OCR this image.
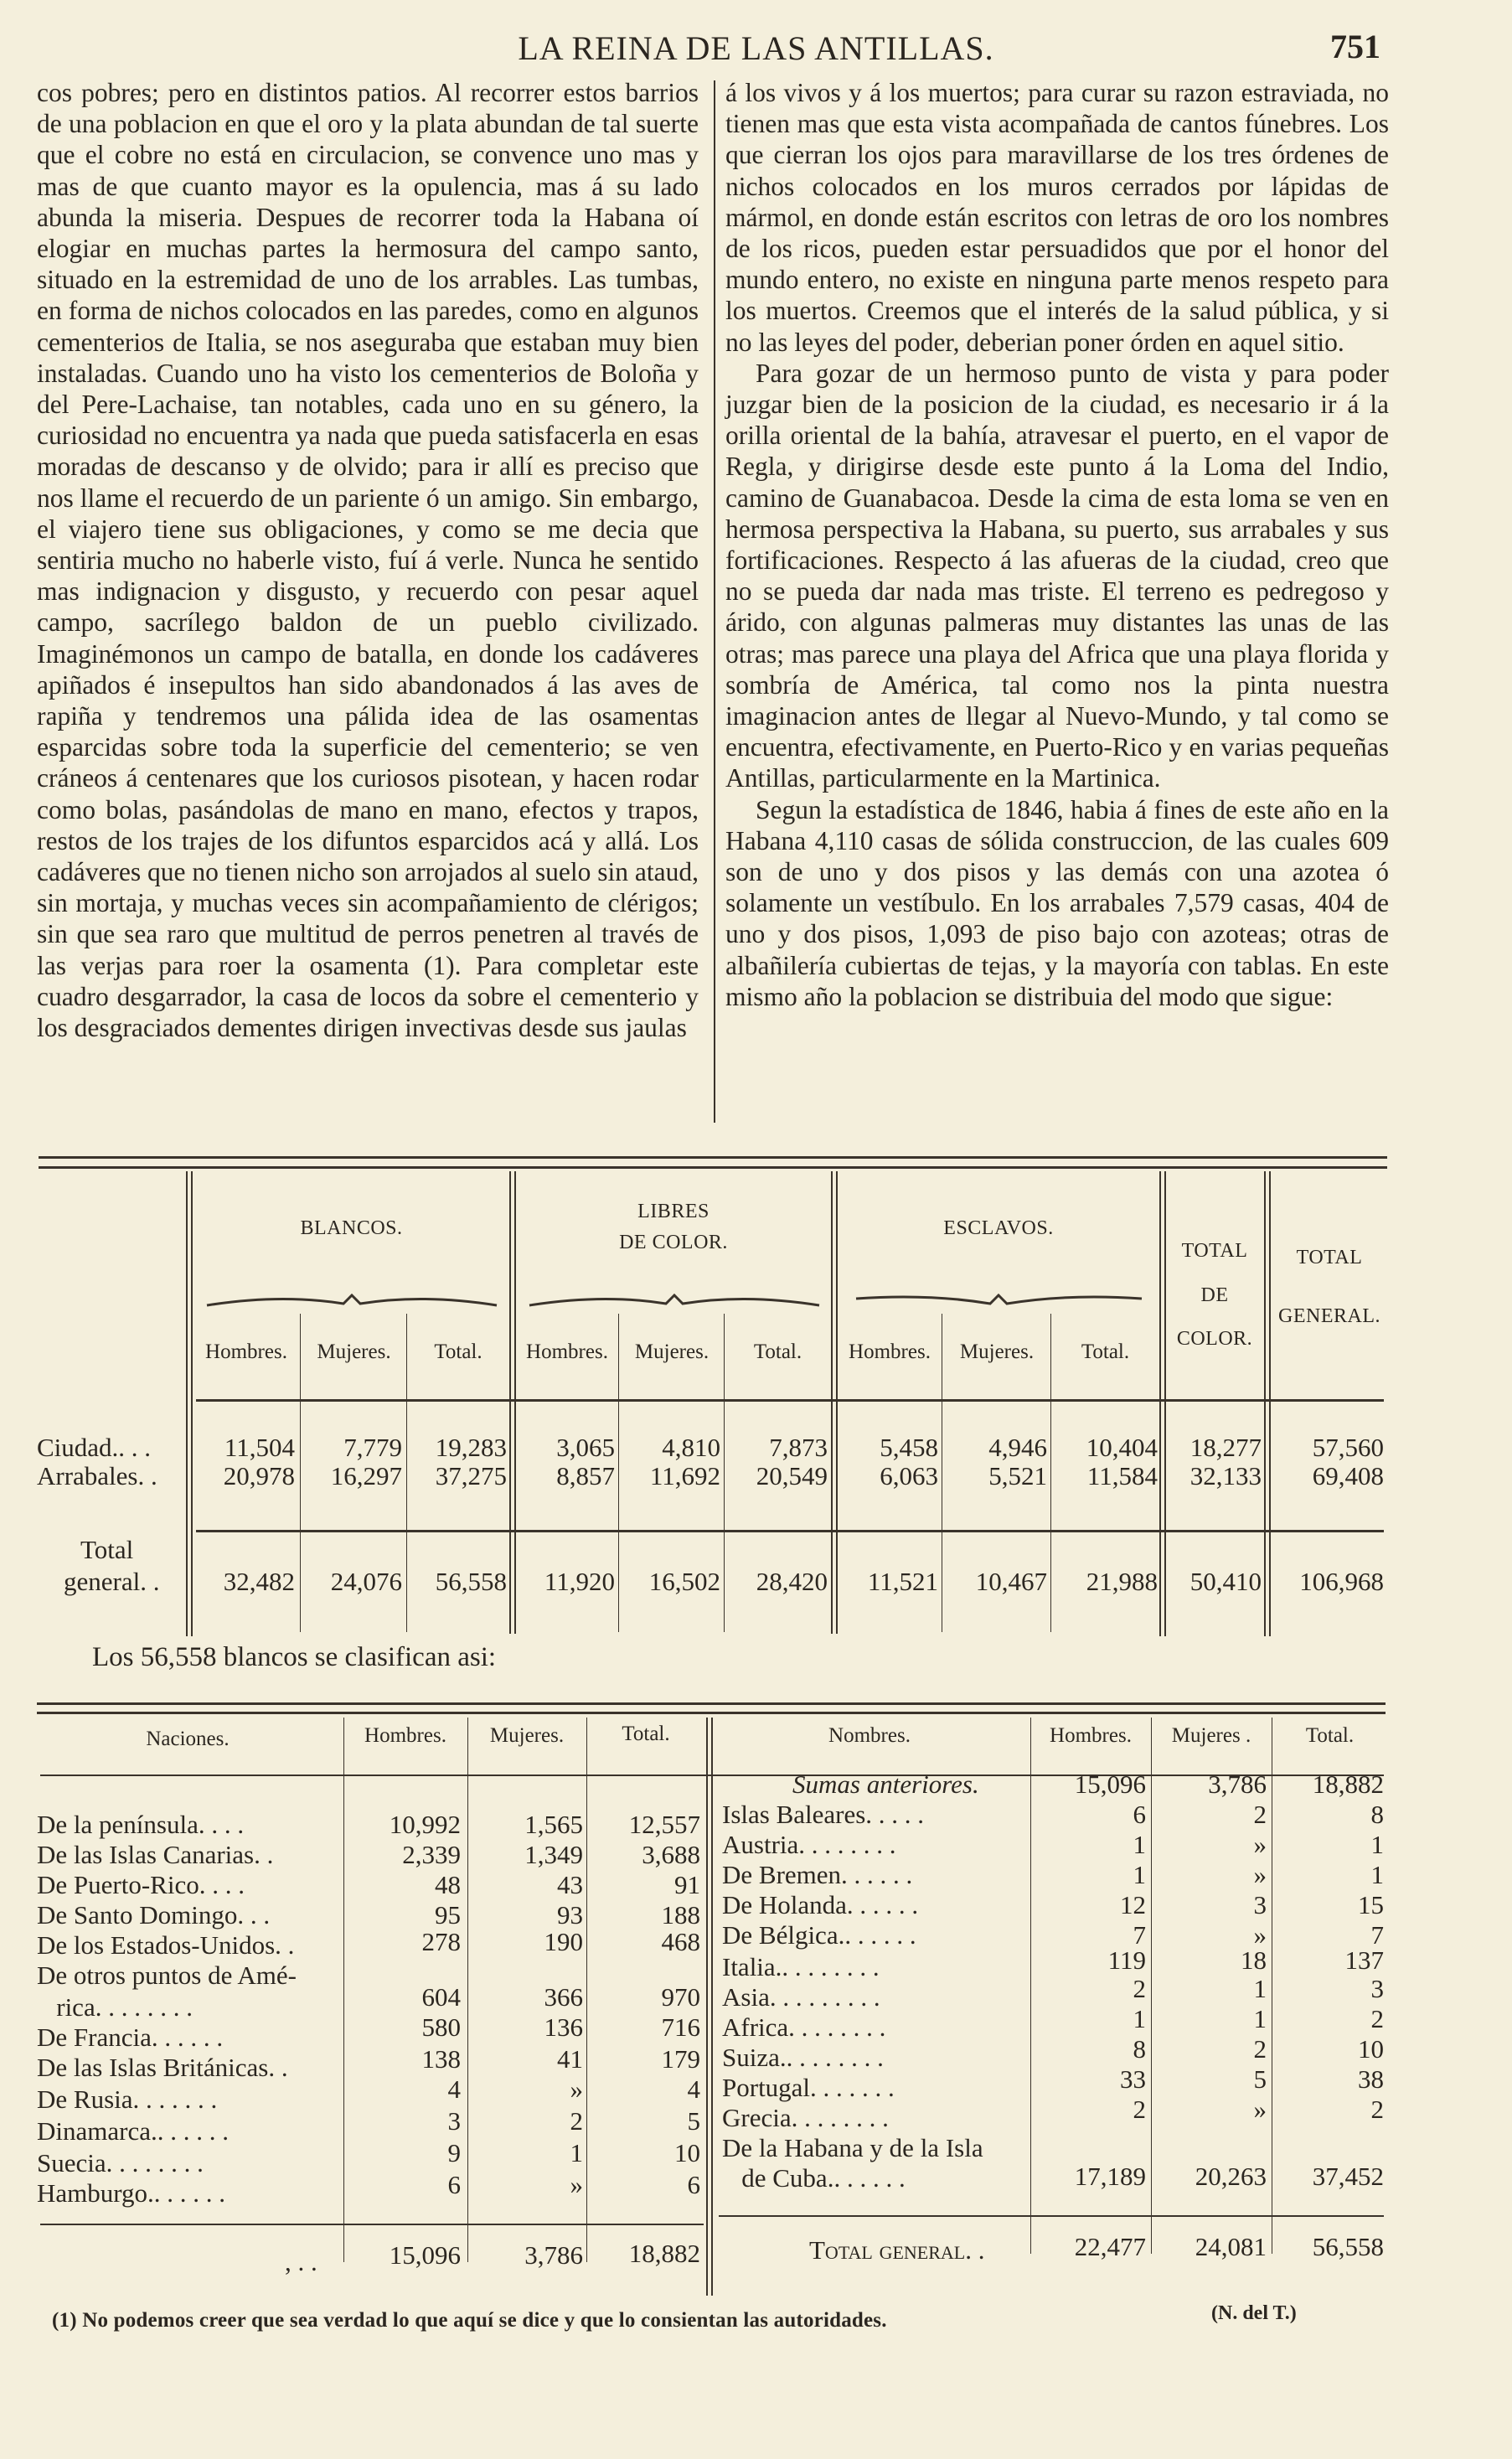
LA REINA DE LAS ANTILLAS.	751

cos pobres; pero en distintos patios. Al recorrer estos barrios de una poblacion en que el oro y la plata abundan de tal suerte que el cobre no está en circulacion, se convence uno mas y mas de que cuanto mayor es la opulencia, mas á su lado abunda la miseria. Despues de recorrer toda la Habana oí elogiar en muchas partes la hermosura del campo santo, situado en la estremidad de uno de los arrables. Las tumbas, en forma de nichos colocados en las paredes, como en algunos cementerios de Italia, se nos aseguraba que estaban muy bien instaladas. Cuando uno ha visto los cementerios de Boloña y del Pere-Lachaise, tan notables, cada uno en su género, la curiosidad no encuentra ya nada que pueda satisfacerla en esas moradas de descanso y de olvido; para ir allí es preciso que nos llame el recuerdo de un pariente ó un amigo. Sin embargo, el viajero tiene sus obligaciones, y como se me decia que sentiria mucho no haberle visto, fuí á verle. Nunca he sentido mas indignacion y disgusto, y recuerdo con pesar aquel campo, sacrílego baldon de un pueblo civilizado. Imaginémonos un campo de batalla, en donde los cadáveres apiñados é insepultos han sido abandonados á las aves de rapiña y tendremos una pálida idea de las osamentas esparcidas sobre toda la superficie del cementerio; se ven cráneos á centenares que los curiosos pisotean, y hacen rodar como bolas, pasándolas de mano en mano, efectos y trapos, restos de los trajes de los difuntos esparcidos acá y allá. Los cadáveres que no tienen nicho son arrojados al suelo sin ataud, sin mortaja, y muchas veces sin acompañamiento de clérigos; sin que sea raro que multitud de perros penetren al través de las verjas para roer la osamenta (1). Para completar este cuadro desgarrador, la casa de locos da sobre el cementerio y los desgraciados dementes dirigen invectivas desde sus jaulas

á los vivos y á los muertos; para curar su razon estraviada, no tienen mas que esta vista acompañada de cantos fúnebres. Los que cierran los ojos para maravillarse de los tres órdenes de nichos colocados en los muros cerrados por lápidas de mármol, en donde están escritos con letras de oro los nombres de los ricos, pueden estar persuadidos que por el honor del mundo entero, no existe en ninguna parte menos respeto para los muertos. Creemos que el interés de la salud pública, y si no las leyes del poder, deberian poner órden en aquel sitio.

Para gozar de un hermoso punto de vista y para poder juzgar bien de la posicion de la ciudad, es necesario ir á la orilla oriental de la bahía, atravesar el puerto, en el vapor de Regla, y dirigirse desde este punto á la Loma del Indio, camino de Guanabacoa. Desde la cima de esta loma se ven en hermosa perspectiva la Habana, su puerto, sus arrabales y sus fortificaciones. Respecto á las afueras de la ciudad, creo que no se pueda dar nada mas triste. El terreno es pedregoso y árido, con algunas palmeras muy distantes las unas de las otras; mas parece una playa del Africa que una playa florida y sombría de América, tal como nos la pinta nuestra imaginacion antes de llegar al Nuevo-Mundo, y tal como se encuentra, efectivamente, en Puerto-Rico y en varias pequeñas Antillas, particularmente en la Martinica.

Segun la estadística de 1846, habia á fines de este año en la Habana 4,110 casas de sólida construccion, de las cuales 609 son de uno y dos pisos y las demás con una azotea ó solamente un vestíbulo. En los arrabales 7,579 casas, 404 de uno y dos pisos, 1,093 de piso bajo con azoteas; otras de albañilería cubiertas de tejas, y la mayoría con tablas. En este mismo año la poblacion se distribuia del modo que sigue:

BLANCOS.
LIBRES
DE COLOR.
ESCLAVOS.
TOTAL
DE
COLOR.
TOTAL
GENERAL.
Hombres.	Mujeres.	Total.	Hombres.	Mujeres.	Total.	Hombres.	Mujeres.	Total.
Ciudad.. . .
Arrabales. .
11,504	7,779	19,283	3,065	4,810	7,873	5,458	4,946	10,404	18,277	57,560
20,978	16,297	37,275	8,857	11,692	20,549	6,063	5,521	11,584	32,133	69,408
Total
general. .	32,482	24,076	56,558	11,920	16,502	28,420	11,521	10,467	21,988	50,410	106,968
Los 56,558 blancos se clasifican asi:
Naciones.	Hombres.	Mujeres.	Total.	Nombres.	Hombres.	Mujeres .	Total.
De la península. . . .	10,992	1,565	12,557
De las Islas Canarias. .	2,339	1,349	3,688
De Puerto-Rico. . . .	48	43	91
De Santo Domingo. . .	95	93	188
De los Estados-Unidos. .	278	190	468
De otros puntos de Amé-
rica. . . . . . . .	604	366	970
De Francia. . . . . .	580	136	716
De las Islas Británicas. .	138	41	179
De Rusia. . . . . . .	4	»	4
Dinamarca.. . . . . .	3	2	5
Suecia. . . . . . . .	9	1	10
Hamburgo.. . . . . .	6	»	6
, . .	15,096	3,786	18,882
Sumas anteriores.	15,096	3,786	18,882
Islas Baleares. . . . .	6	2	8
Austria. . . . . . . .	1	»	1
De Bremen. . . . . .	1	»	1
De Holanda. . . . . .	12	3	15
De Bélgica.. . . . . .	7	»	7
Italia.. . . . . . . .	119	18	137
Asia. . . . . . . . .	2	1	3
Africa. . . . . . . .	1	1	2
Suiza.. . . . . . . .	8	2	10
Portugal. . . . . . .	33	5	38
Grecia. . . . . . . .	2	»	2
De la Habana y de la Isla
de Cuba.. . . . . .	17,189	20,263	37,452
Total general. .	22,477	24,081	56,558
(1) No podemos creer que sea verdad lo que aquí se dice y que lo consientan las autoridades.	(N. del T.)
